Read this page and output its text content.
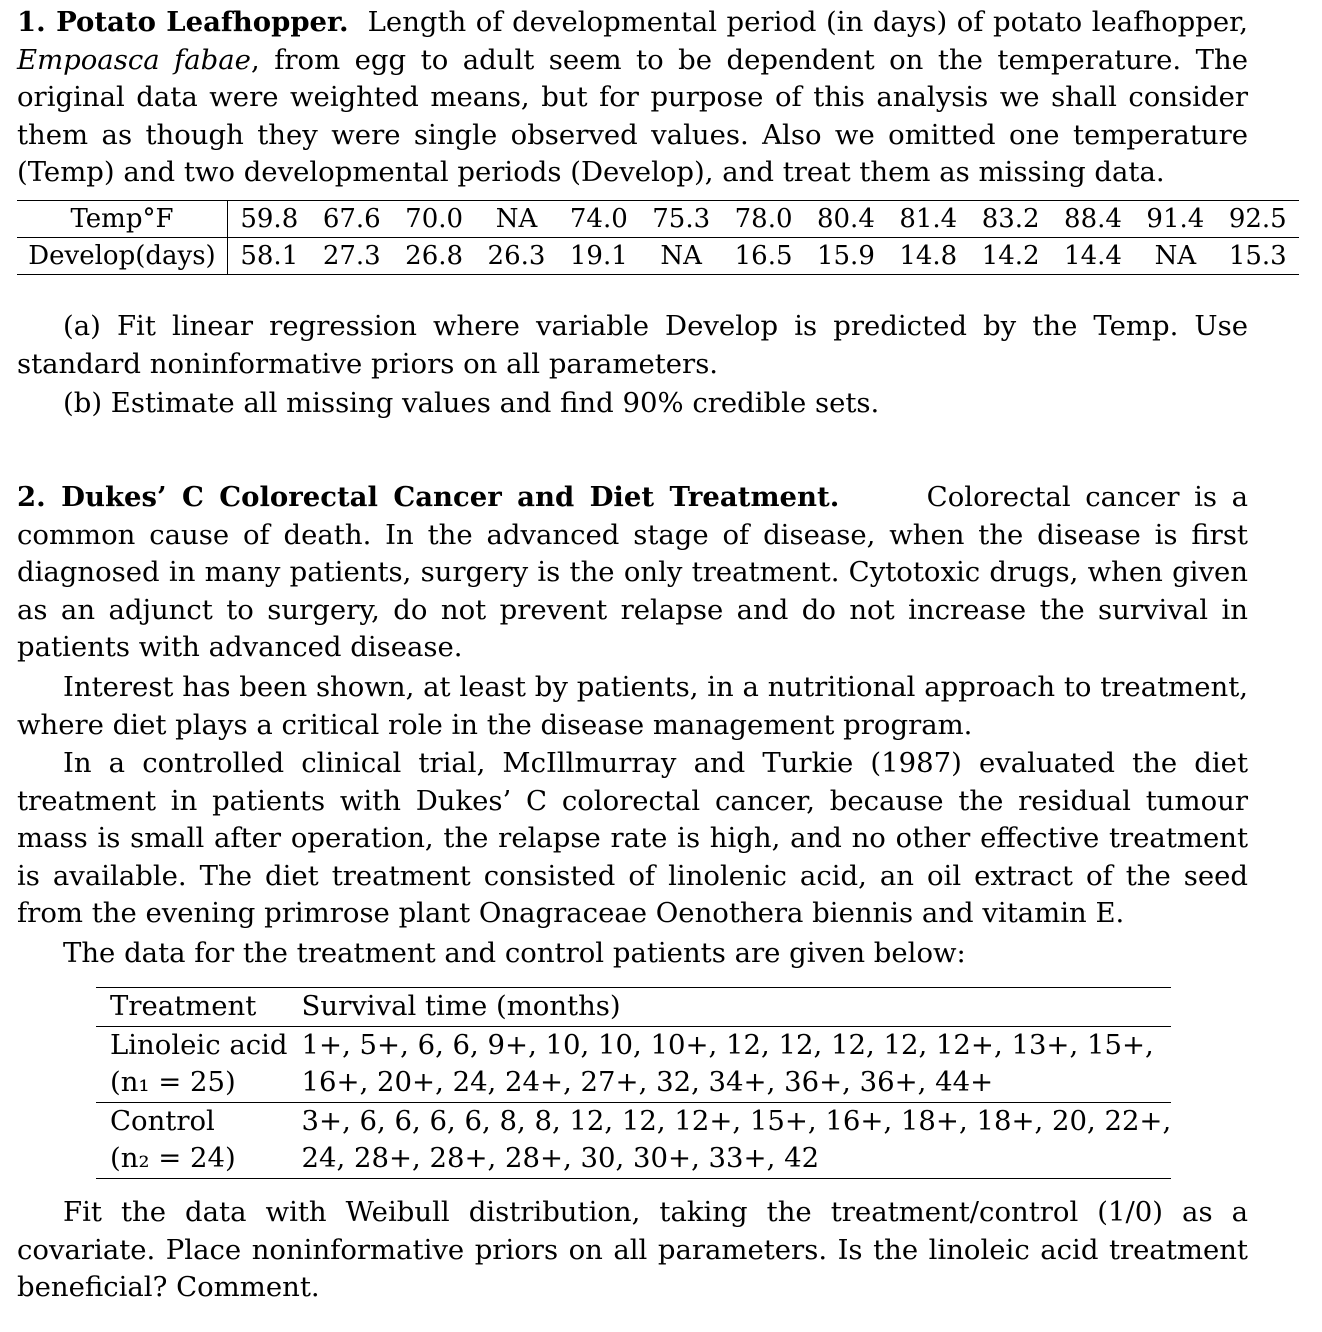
1. Potato Leafhopper. Length of developmental period (in days) of potato leafhopper, Empoasca fabae, from egg to adult seem to be dependent on the temperature. The original data were weighted means, but for purpose of this analysis we shall consider them as though they were single observed values. Also we omitted one temperature (Temp) and two developmental periods (Develop), and treat them as missing data.

Temp°F	59.8	67.6	70.0	NA	74.0	75.3	78.0	80.4	81.4	83.2	88.4	91.4	92.5
Develop(days)	58.1	27.3	26.8	26.3	19.1	NA	16.5	15.9	14.8	14.2	14.4	NA	15.3

(a) Fit linear regression where variable Develop is predicted by the Temp. Use standard noninformative priors on all parameters.

(b) Estimate all missing values and find 90% credible sets.

2. Dukes’ C Colorectal Cancer and Diet Treatment.	Colorectal cancer is a common cause of death. In the advanced stage of disease, when the disease is first diagnosed in many patients, surgery is the only treatment. Cytotoxic drugs, when given as an adjunct to surgery, do not prevent relapse and do not increase the survival in patients with advanced disease.

Interest has been shown, at least by patients, in a nutritional approach to treatment, where diet plays a critical role in the disease management program.

In a controlled clinical trial, McIllmurray and Turkie (1987) evaluated the diet treatment in patients with Dukes’ C colorectal cancer, because the residual tumour mass is small after operation, the relapse rate is high, and no other effective treatment is available. The diet treatment consisted of linolenic acid, an oil extract of the seed from the evening primrose plant Onagraceae Oenothera biennis and vitamin E.

The data for the treatment and control patients are given below:

Treatment	Survival time (months)

Linoleic acid
(n₁ = 25)	1+, 5+, 6, 6, 9+, 10, 10, 10+, 12, 12, 12, 12, 12+, 13+, 15+,
16+, 20+, 24, 24+, 27+, 32, 34+, 36+, 36+, 44+

Control
(n₂ = 24)	3+, 6, 6, 6, 6, 8, 8, 12, 12, 12+, 15+, 16+, 18+, 18+, 20, 22+,
24, 28+, 28+, 28+, 30, 30+, 33+, 42

Fit the data with Weibull distribution, taking the treatment/control (1/0) as a covariate. Place noninformative priors on all parameters. Is the linoleic acid treatment beneficial? Comment.
